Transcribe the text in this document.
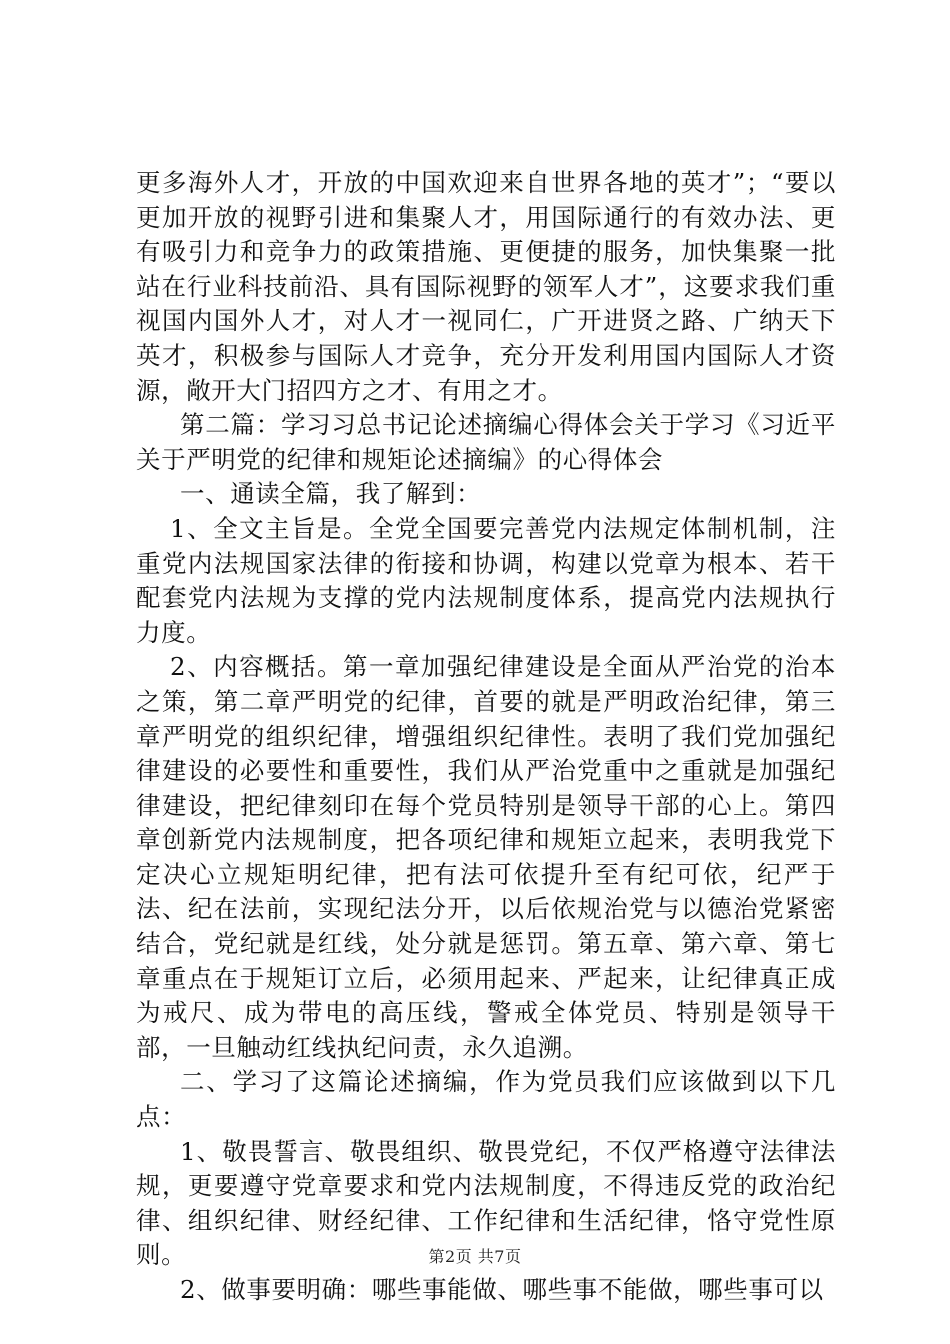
更多海外人才，开放的中国欢迎来自世界各地的英才”；“要以更加开放的视野引进和集聚人才，用国际通行的有效办法、更有吸引力和竞争力的政策措施、更便捷的服务，加快集聚一批站在行业科技前沿、具有国际视野的领军人才”，这要求我们重视国内国外人才，对人才一视同仁，广开进贤之路、广纳天下英才，积极参与国际人才竞争，充分开发利用国内国际人才资源，敞开大门招四方之才、有用之才。

第二篇：学习习总书记论述摘编心得体会关于学习《习近平关于严明党的纪律和规矩论述摘编》的心得体会

一、通读全篇，我了解到：

1、全文主旨是。全党全国要完善党内法规定体制机制，注重党内法规国家法律的衔接和协调，构建以党章为根本、若干配套党内法规为支撑的党内法规制度体系，提高党内法规执行力度。

2、内容概括。第一章加强纪律建设是全面从严治党的治本之策，第二章严明党的纪律，首要的就是严明政治纪律，第三章严明党的组织纪律，增强组织纪律性。表明了我们党加强纪律建设的必要性和重要性，我们从严治党重中之重就是加强纪律建设，把纪律刻印在每个党员特别是领导干部的心上。第四章创新党内法规制度，把各项纪律和规矩立起来，表明我党下定决心立规矩明纪律，把有法可依提升至有纪可依，纪严于法、纪在法前，实现纪法分开，以后依规治党与以德治党紧密结合，党纪就是红线，处分就是惩罚。第五章、第六章、第七章重点在于规矩订立后，必须用起来、严起来，让纪律真正成为戒尺、成为带电的高压线，警戒全体党员、特别是领导干部，一旦触动红线执纪问责，永久追溯。

二、学习了这篇论述摘编，作为党员我们应该做到以下几点：

1、敬畏誓言、敬畏组织、敬畏党纪，不仅严格遵守法律法规，更要遵守党章要求和党内法规制度，不得违反党的政治纪律、组织纪律、财经纪律、工作纪律和生活纪律，恪守党性原则。

2、做事要明确：哪些事能做、哪些事不能做，哪些事可以

第2页 共7页
